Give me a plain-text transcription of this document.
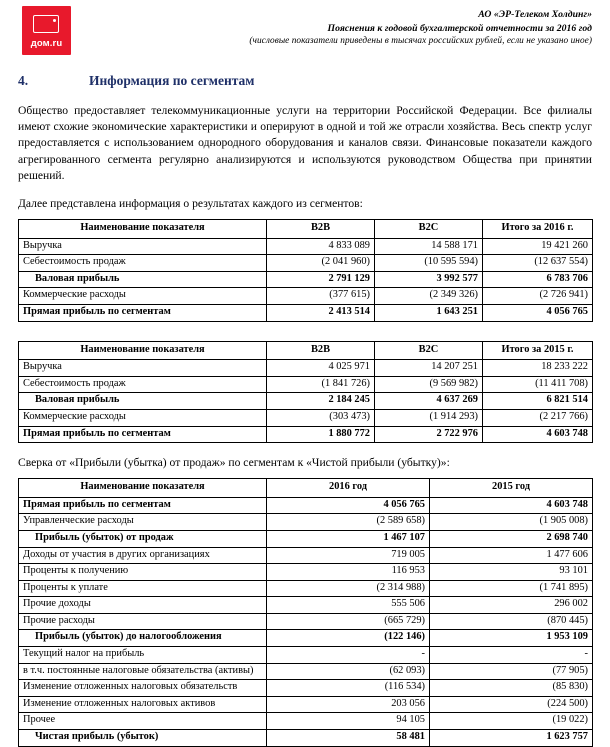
дом.ru
АО «ЭР-Телеком Холдинг»
Пояснения к годовой бухгалтерской отчетности за 2016 год
(числовые показатели приведены в тысячах российских рублей, если не указано иное)
4.	Информация по сегментам

Общество предоставляет телекоммуникационные услуги на территории Российской Федерации. Все филиалы имеют схожие экономические характеристики и оперируют в одной и той же отрасли хозяйства. Весь спектр услуг предоставляется с использованием однородного оборудования и каналов связи. Финансовые показатели каждого агрегированного сегмента регулярно анализируются и используются руководством Общества при принятии решений.

Далее представлена информация о результатах каждого из сегментов:
Наименование показателя	B2B	B2C	Итого за 2016 г.
Выручка	4 833 089	14 588 171	19 421 260
Себестоимость продаж	(2 041 960)	(10 595 594)	(12 637 554)
Валовая прибыль	2 791 129	3 992 577	6 783 706
Коммерческие расходы	(377 615)	(2 349 326)	(2 726 941)
Прямая прибыль по сегментам	2 413 514	1 643 251	4 056 765
Наименование показателя	B2B	B2C	Итого за 2015 г.
Выручка	4 025 971	14 207 251	18 233 222
Себестоимость продаж	(1 841 726)	(9 569 982)	(11 411 708)
Валовая прибыль	2 184 245	4 637 269	6 821 514
Коммерческие расходы	(303 473)	(1 914 293)	(2 217 766)
Прямая прибыль по сегментам	1 880 772	2 722 976	4 603 748
Сверка от «Прибыли (убытка) от продаж» по сегментам к «Чистой прибыли (убытку)»:
Наименование показателя	2016 год	2015 год
Прямая прибыль по сегментам	4 056 765	4 603 748
Управленческие расходы	(2 589 658)	(1 905 008)
Прибыль (убыток) от продаж	1 467 107	2 698 740
Доходы от участия в других организациях	719 005	1 477 606
Проценты к получению	116 953	93 101
Проценты к уплате	(2 314 988)	(1 741 895)
Прочие доходы	555 506	296 002
Прочие расходы	(665 729)	(870 445)
Прибыль (убыток) до налогообложения	(122 146)	1 953 109
Текущий налог на прибыль	-	-
в т.ч. постоянные налоговые обязательства (активы)	(62 093)	(77 905)
Изменение отложенных налоговых обязательств	(116 534)	(85 830)
Изменение отложенных налоговых активов	203 056	(224 500)
Прочее	94 105	(19 022)
Чистая прибыль (убыток)	58 481	1 623 757
